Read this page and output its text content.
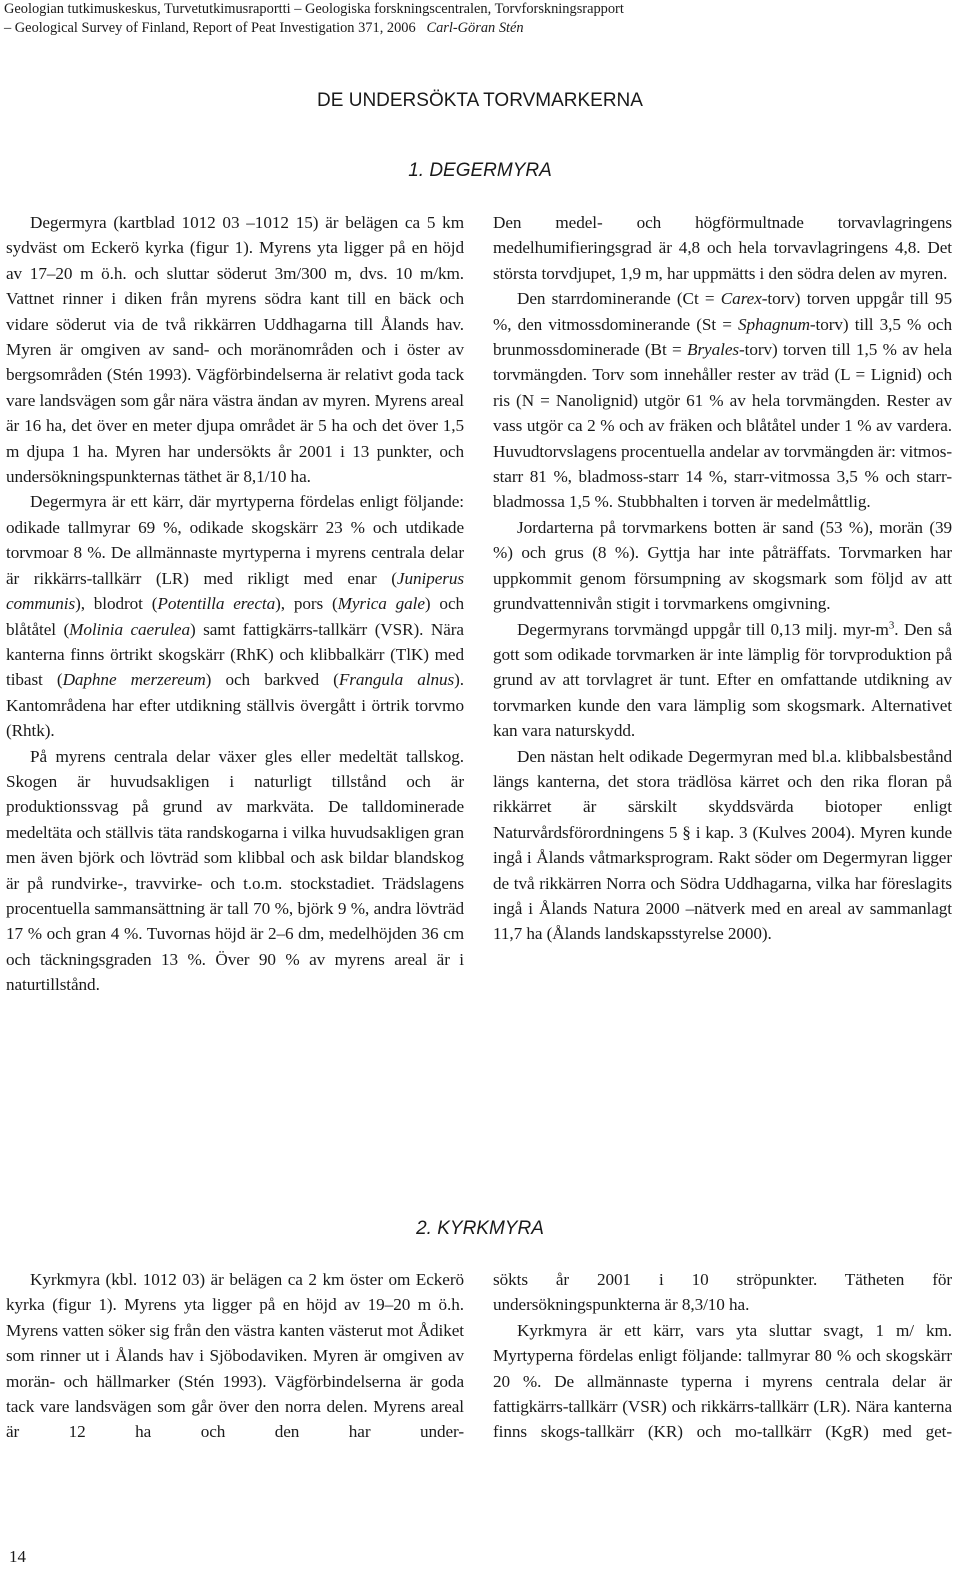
Geologian tutkimuskeskus, Turvetutkimusraportti – Geologiska forskningscentralen, Torvforskningsrapport
– Geological Survey of Finland, Report of Peat Investigation 371, 2006 Carl-Göran Stén
DE UNDERSÖKTA TORVMARKERNA
1. DEGERMYRA

Degermyra (kartblad 1012 03 –1012 15) är belägen ca 5 km sydväst om Eckerö kyrka (figur 1). Myrens yta ligger på en höjd av 17–20 m ö.h. och sluttar söderut 3m/300 m, dvs. 10 m/km. Vattnet rinner i diken från myrens södra kant till en bäck och vidare söderut via de två rikkärren Uddhagarna till Ålands hav. Myren är omgiven av sand- och moränområden och i öster av bergsområden (Stén 1993). Vägförbindelserna är relativt goda tack vare landsvägen som går nära västra ändan av myren. Myrens areal är 16 ha, det över en meter djupa området är 5 ha och det över 1,5 m djupa 1 ha. Myren har undersökts år 2001 i 13 punkter, och undersökningspunkternas täthet är 8,1/10 ha.

Degermyra är ett kärr, där myrtyperna fördelas enligt följande: odikade tallmyrar 69 %, odikade skogskärr 23 % och utdikade torvmoar 8 %. De allmännaste myrtyperna i myrens centrala delar är rikkärrs-tallkärr (LR) med rikligt med enar (Juniperus communis), blodrot (Potentilla erecta), pors (Myrica gale) och blåtåtel (Molinia caerulea) samt fattigkärrs-tallkärr (VSR). Nära kanterna finns örtrikt skogskärr (RhK) och klibbalkärr (TlK) med tibast (Daphne merzereum) och barkved (Frangula alnus). Kantområdena har efter utdikning ställvis övergått i örtrik torvmo (Rhtk).

På myrens centrala delar växer gles eller medeltät tallskog. Skogen är huvudsakligen i naturligt tillstånd och är produktionssvag på grund av markväta. De talldominerade medeltäta och ställvis täta randskogarna i vilka huvudsakligen gran men även björk och lövträd som klibbal och ask bildar blandskog är på rundvirke-, travvirke- och t.o.m. stockstadiet. Trädslagens procentuella sammansättning är tall 70 %, björk 9 %, andra lövträd 17 % och gran 4 %. Tuvornas höjd är 2–6 dm, medelhöjden 36 cm och täckningsgraden 13 %. Över 90 % av myrens areal är i naturtillstånd.

Den medel- och högförmultnade torvavlagringens medelhumifieringsgrad är 4,8 och hela torvavlagringens 4,8. Det största torvdjupet, 1,9 m, har uppmätts i den södra delen av myren.

Den starrdominerande (Ct = Carex-torv) torven uppgår till 95 %, den vitmossdominerande (St = Sphagnum-torv) till 3,5 % och brunmossdominerade (Bt = Bryales-torv) torven till 1,5 % av hela torvmängden. Torv som innehåller rester av träd (L = Lignid) och ris (N = Nanolignid) utgör 61 % av hela torvmängden. Rester av vass utgör ca 2 % och av fräken och blåtåtel under 1 % av vardera. Huvudtorvslagens procentuella andelar av torvmängden är: vitmos-starr 81 %, bladmoss-starr 14 %, starr-vitmossa 3,5 % och starr-bladmossa 1,5 %. Stubbhalten i torven är medelmåttlig.

Jordarterna på torvmarkens botten är sand (53 %), morän (39 %) och grus (8 %). Gyttja har inte påträffats. Torvmarken har uppkommit genom försumpning av skogsmark som följd av att grundvattennivån stigit i torvmarkens omgivning.

Degermyrans torvmängd uppgår till 0,13 milj. myr-$m^3$. Den så gott som odikade torvmarken är inte lämplig för torvproduktion på grund av att torvlagret är tunt. Efter en omfattande utdikning av torvmarken kunde den vara lämplig som skogsmark. Alternativet kan vara naturskydd.

Den nästan helt odikade Degermyran med bl.a. klibbalsbestånd längs kanterna, det stora trädlösa kärret och den rika floran på rikkärret är särskilt skyddsvärda biotoper enligt Naturvårdsförordningens 5 § i kap. 3 (Kulves 2004). Myren kunde ingå i Ålands våtmarksprogram. Rakt söder om Degermyran ligger de två rikkärren Norra och Södra Uddhagarna, vilka har föreslagits ingå i Ålands Natura 2000 –nätverk med en areal av sammanlagt 11,7 ha (Ålands landskapsstyrelse 2000).

2. KYRKMYRA

Kyrkmyra (kbl. 1012 03) är belägen ca 2 km öster om Eckerö kyrka (figur 1). Myrens yta ligger på en höjd av 19–20 m ö.h. Myrens vatten söker sig från den västra kanten västerut mot Ådiket som rinner ut i Ålands hav i Sjöbodaviken. Myren är omgiven av morän- och hällmarker (Stén 1993). Vägförbindelserna är goda tack vare landsvägen som går över den norra delen. Myrens areal är 12 ha och den har under-

sökts år 2001 i 10 ströpunkter. Tätheten för undersökningspunkterna är 8,3/10 ha.

Kyrkmyra är ett kärr, vars yta sluttar svagt, 1 m/ km. Myrtyperna fördelas enligt följande: tallmyrar 80 % och skogskärr 20 %. De allmännaste typerna i myrens centrala delar är fattigkärrs-tallkärr (VSR) och rikkärrs-tallkärr (LR). Nära kanterna finns skogs-tallkärr (KR) och mo-tallkärr (KgR) med get-

14
